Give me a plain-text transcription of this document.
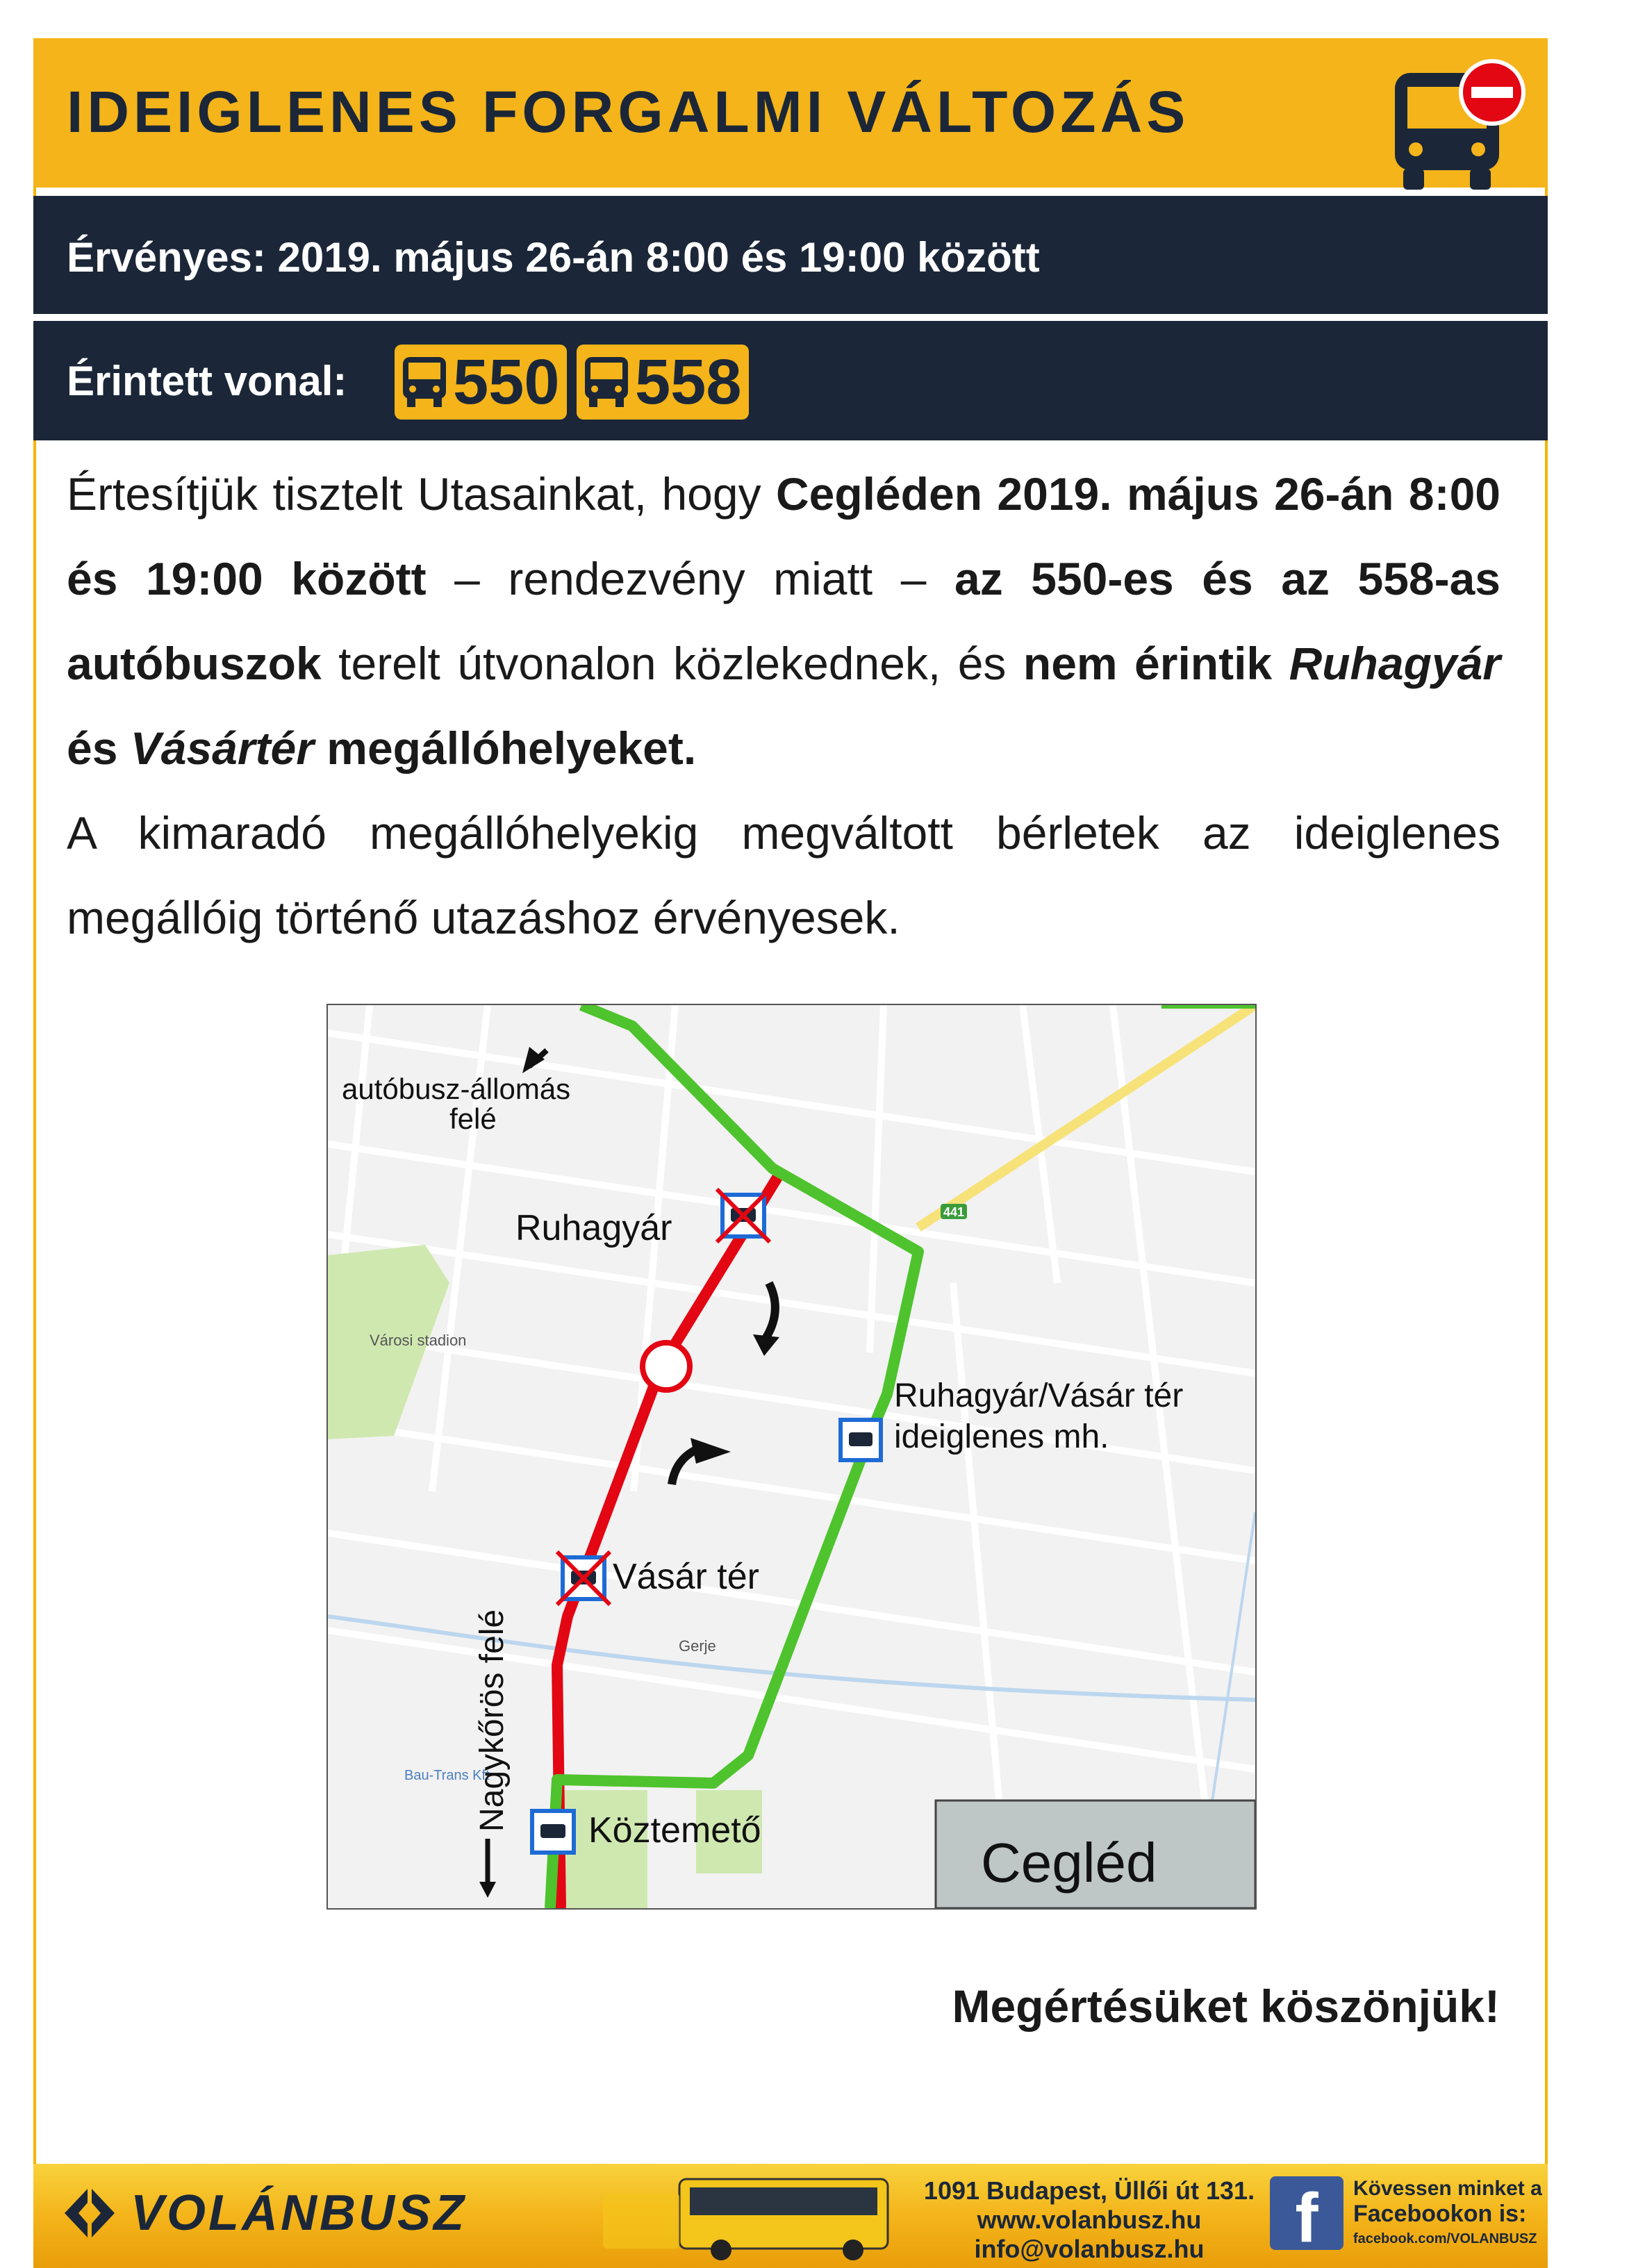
IDEIGLENES FORGALMI VÁLTOZÁS
Érvényes: 2019. május 26-án 8:00 és 19:00 között
Érintett vonal: 550 558

Értesítjük tisztelt Utasainkat, hogy Cegléden 2019. május 26-án 8:00 és 19:00 között – rendezvény miatt – az 550-es és az 558-as autóbuszok terelt útvonalon közlekednek, és nem érintik Ruhagyár és Vásártér megállóhelyeket.

A kimaradó megállóhelyekig megváltott bérletek az ideiglenes megállóig történő utazáshoz érvényesek.

Városi stadion
441
Gerje
Bau-Trans Kft
autóbusz-állomás
felé
Ruhagyár
Ruhagyár/Vásár tér
ideiglenes mh.
Vásár tér
Köztemető
Nagykőrös felé
Cegléd
Megértésüket köszönjük!
VOLÁNBUSZ	1091 Budapest, Üllői út 131.
www.volanbusz.hu
info@volanbusz.hu	f	Kövessen minket a
Facebookon is:
facebook.com/VOLANBUSZ
